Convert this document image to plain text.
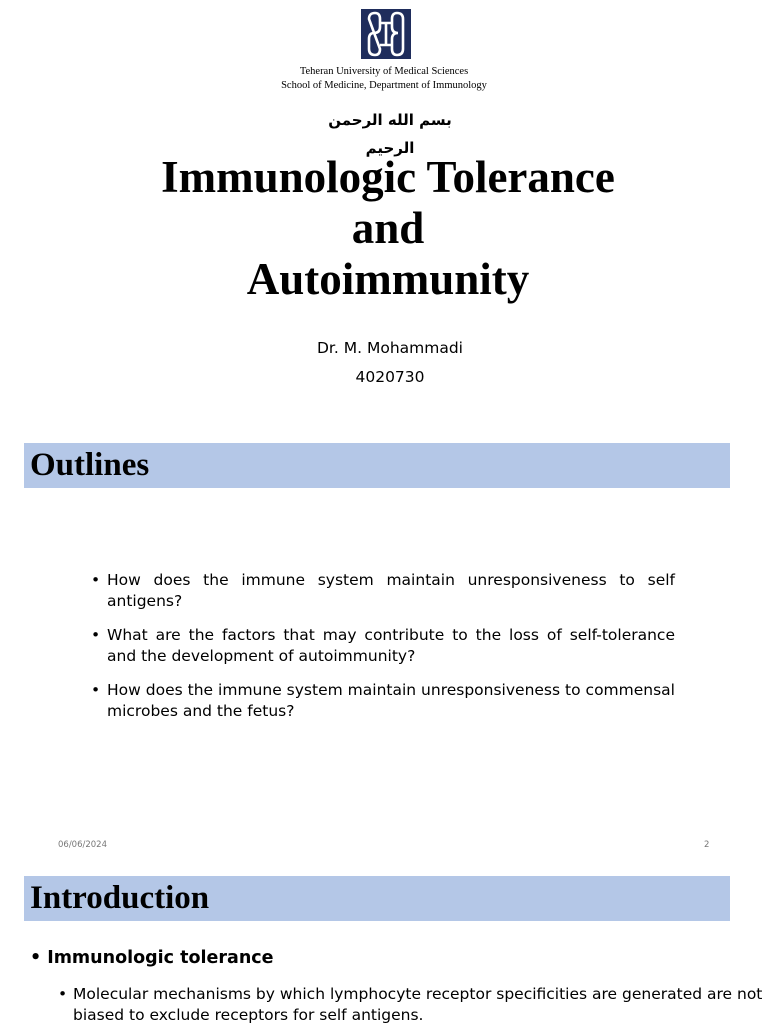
Teheran University of Medical Sciences
School of Medicine, Department of Immunology
بسم الله الرحمن
الرحيم
Immunologic Tolerance
and
Autoimmunity
Dr. M. Mohammadi
4020730
Outlines
• How does the immune system maintain unresponsiveness to self antigens?
• What are the factors that may contribute to the loss of self-tolerance and the development of autoimmunity?
• How does the immune system maintain unresponsiveness to commensal microbes and the fetus?
06/06/2024	2
Introduction
• Immunologic tolerance
• Molecular mechanisms by which lymphocyte receptor specificities are generated are not biased to exclude receptors for self antigens.
